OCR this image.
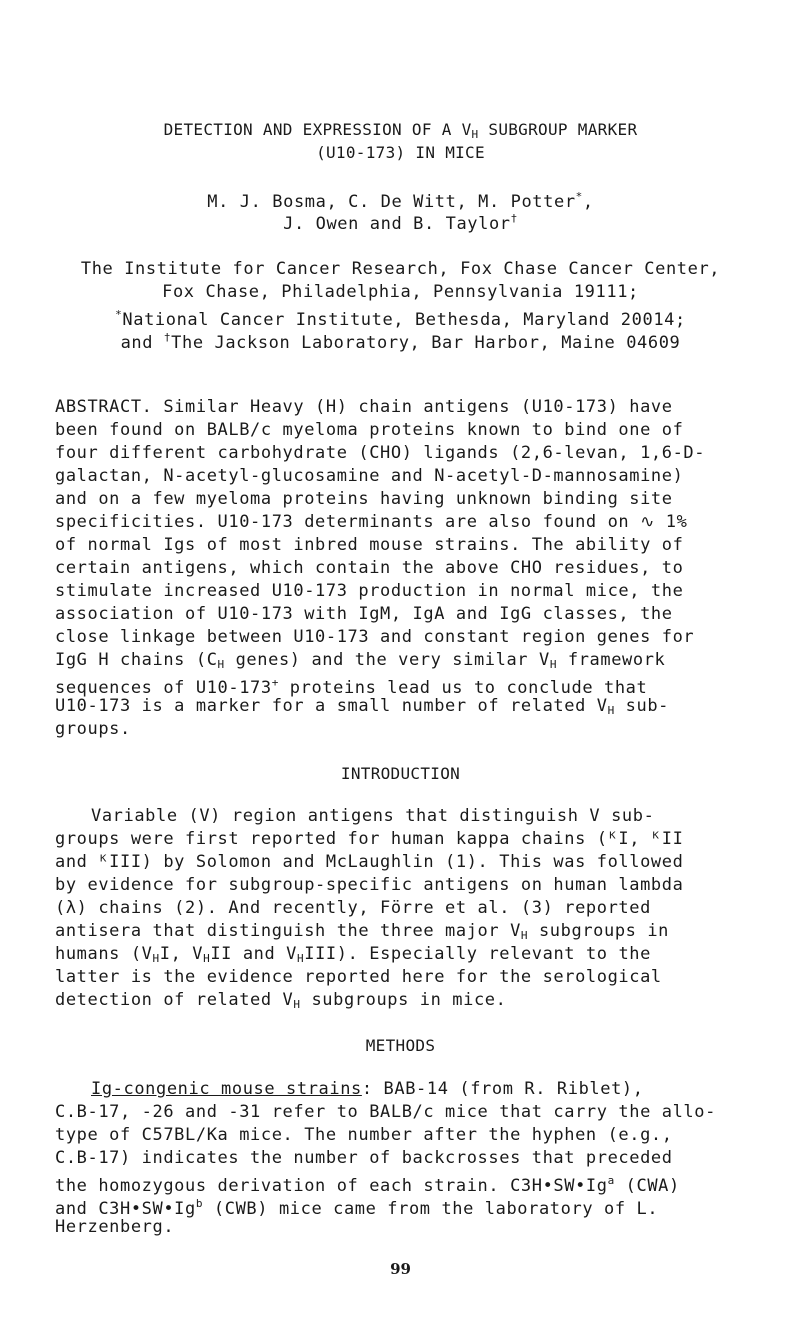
DETECTION AND EXPRESSION OF A $V_H$ SUBGROUP MARKER
(U10-173) IN MICE
M. J. Bosma, C. De Witt, M. Potter*,
J. Owen and B. Taylor†
The Institute for Cancer Research, Fox Chase Cancer Center,
Fox Chase, Philadelphia, Pennsylvania 19111;
*National Cancer Institute, Bethesda, Maryland 20014;
and †The Jackson Laboratory, Bar Harbor, Maine 04609
ABSTRACT. Similar Heavy (H) chain antigens (U10-173) have
been found on BALB/c myeloma proteins known to bind one of
four different carbohydrate (CHO) ligands (2,6-levan, 1,6-D-
galactan, N-acetyl-glucosamine and N-acetyl-D-mannosamine)
and on a few myeloma proteins having unknown binding site
specificities. U10-173 determinants are also found on ∿ 1%
of normal Igs of most inbred mouse strains. The ability of
certain antigens, which contain the above CHO residues, to
stimulate increased U10-173 production in normal mice, the
association of U10-173 with IgM, IgA and IgG classes, the
close linkage between U10-173 and constant region genes for
IgG H chains ($C_H$ genes) and the very similar $V_H$ framework
sequences of U10-173+ proteins lead us to conclude that
U10-173 is a marker for a small number of related $V_H$ sub-
groups.
INTRODUCTION
Variable (V) region antigens that distinguish V sub-
groups were first reported for human kappa chains (ᴷI, ᴷII
and ᴷIII) by Solomon and McLaughlin (1). This was followed
by evidence for subgroup-specific antigens on human lambda
(λ) chains (2). And recently, Förre et al. (3) reported
antisera that distinguish the three major $V_H$ subgroups in
humans ($V_HI$, $V_HII$ and $V_HIII$). Especially relevant to the
latter is the evidence reported here for the serological
detection of related $V_H$ subgroups in mice.
METHODS
Ig-congenic mouse strains: BAB-14 (from R. Riblet),
C.B-17, -26 and -31 refer to BALB/c mice that carry the allo-
type of C57BL/Ka mice. The number after the hyphen (e.g.,
C.B-17) indicates the number of backcrosses that preceded
the homozygous derivation of each strain. C3H•SW•Ig$^a$ (CWA)
and C3H•SW•Ig$^b$ (CWB) mice came from the laboratory of L.
Herzenberg.
99
